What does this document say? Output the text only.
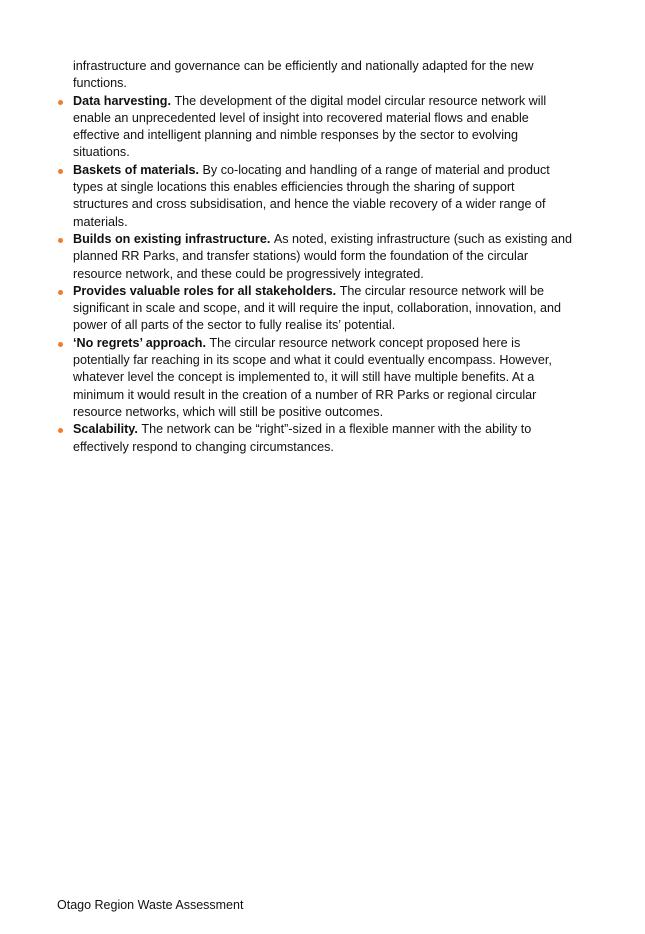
infrastructure and governance can be efficiently and nationally adapted for the new functions.

Data harvesting. The development of the digital model circular resource network will enable an unprecedented level of insight into recovered material flows and enable effective and intelligent planning and nimble responses by the sector to evolving situations.
Baskets of materials. By co-locating and handling of a range of material and product types at single locations this enables efficiencies through the sharing of support structures and cross subsidisation, and hence the viable recovery of a wider range of materials.
Builds on existing infrastructure. As noted, existing infrastructure (such as existing and planned RR Parks, and transfer stations) would form the foundation of the circular resource network, and these could be progressively integrated.
Provides valuable roles for all stakeholders. The circular resource network will be significant in scale and scope, and it will require the input, collaboration, innovation, and power of all parts of the sector to fully realise its’ potential.
‘No regrets’ approach. The circular resource network concept proposed here is potentially far reaching in its scope and what it could eventually encompass. However, whatever level the concept is implemented to, it will still have multiple benefits. At a minimum it would result in the creation of a number of RR Parks or regional circular resource networks, which will still be positive outcomes.
Scalability. The network can be “right”-sized in a flexible manner with the ability to effectively respond to changing circumstances.
Otago Region Waste Assessment
